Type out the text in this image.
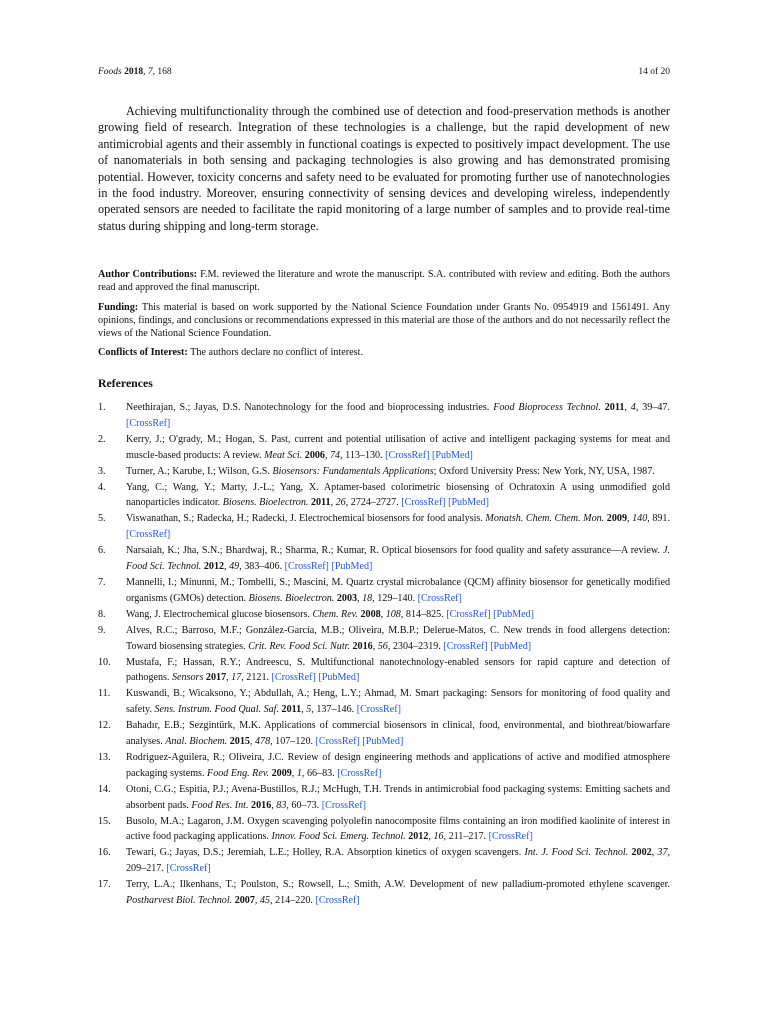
Foods 2018, 7, 168	14 of 20

Achieving multifunctionality through the combined use of detection and food-preservation methods is another growing field of research. Integration of these technologies is a challenge, but the rapid development of new antimicrobial agents and their assembly in functional coatings is expected to positively impact development. The use of nanomaterials in both sensing and packaging technologies is also growing and has demonstrated promising potential. However, toxicity concerns and safety need to be evaluated for promoting further use of nanotechnologies in the food industry. Moreover, ensuring connectivity of sensing devices and developing wireless, independently operated sensors are needed to facilitate the rapid monitoring of a large number of samples and to provide real-time status during shipping and long-term storage.

Author Contributions: F.M. reviewed the literature and wrote the manuscript. S.A. contributed with review and editing. Both the authors read and approved the final manuscript.

Funding: This material is based on work supported by the National Science Foundation under Grants No. 0954919 and 1561491. Any opinions, findings, and conclusions or recommendations expressed in this material are those of the authors and do not necessarily reflect the views of the National Science Foundation.

Conflicts of Interest: The authors declare no conflict of interest.

References
1. Neethirajan, S.; Jayas, D.S. Nanotechnology for the food and bioprocessing industries. Food Bioprocess Technol. 2011, 4, 39–47. [CrossRef]
2. Kerry, J.; O'grady, M.; Hogan, S. Past, current and potential utilisation of active and intelligent packaging systems for meat and muscle-based products: A review. Meat Sci. 2006, 74, 113–130. [CrossRef] [PubMed]
3. Turner, A.; Karube, I.; Wilson, G.S. Biosensors: Fundamentals Applications; Oxford University Press: New York, NY, USA, 1987.
4. Yang, C.; Wang, Y.; Marty, J.-L.; Yang, X. Aptamer-based colorimetric biosensing of Ochratoxin A using unmodified gold nanoparticles indicator. Biosens. Bioelectron. 2011, 26, 2724–2727. [CrossRef] [PubMed]
5. Viswanathan, S.; Radecka, H.; Radecki, J. Electrochemical biosensors for food analysis. Monatsh. Chem. Chem. Mon. 2009, 140, 891. [CrossRef]
6. Narsaiah, K.; Jha, S.N.; Bhardwaj, R.; Sharma, R.; Kumar, R. Optical biosensors for food quality and safety assurance—A review. J. Food Sci. Technol. 2012, 49, 383–406. [CrossRef] [PubMed]
7. Mannelli, I.; Minunni, M.; Tombelli, S.; Mascini, M. Quartz crystal microbalance (QCM) affinity biosensor for genetically modified organisms (GMOs) detection. Biosens. Bioelectron. 2003, 18, 129–140. [CrossRef]
8. Wang, J. Electrochemical glucose biosensors. Chem. Rev. 2008, 108, 814–825. [CrossRef] [PubMed]
9. Alves, R.C.; Barroso, M.F.; González-García, M.B.; Oliveira, M.B.P.; Delerue-Matos, C. New trends in food allergens detection: Toward biosensing strategies. Crit. Rev. Food Sci. Nutr. 2016, 56, 2304–2319. [CrossRef] [PubMed]
10. Mustafa, F.; Hassan, R.Y.; Andreescu, S. Multifunctional nanotechnology-enabled sensors for rapid capture and detection of pathogens. Sensors 2017, 17, 2121. [CrossRef] [PubMed]
11. Kuswandi, B.; Wicaksono, Y.; Abdullah, A.; Heng, L.Y.; Ahmad, M. Smart packaging: Sensors for monitoring of food quality and safety. Sens. Instrum. Food Qual. Saf. 2011, 5, 137–146. [CrossRef]
12. Bahadır, E.B.; Sezgintürk, M.K. Applications of commercial biosensors in clinical, food, environmental, and biothreat/biowarfare analyses. Anal. Biochem. 2015, 478, 107–120. [CrossRef] [PubMed]
13. Rodriguez-Aguilera, R.; Oliveira, J.C. Review of design engineering methods and applications of active and modified atmosphere packaging systems. Food Eng. Rev. 2009, 1, 66–83. [CrossRef]
14. Otoni, C.G.; Espitia, P.J.; Avena-Bustillos, R.J.; McHugh, T.H. Trends in antimicrobial food packaging systems: Emitting sachets and absorbent pads. Food Res. Int. 2016, 83, 60–73. [CrossRef]
15. Busolo, M.A.; Lagaron, J.M. Oxygen scavenging polyolefin nanocomposite films containing an iron modified kaolinite of interest in active food packaging applications. Innov. Food Sci. Emerg. Technol. 2012, 16, 211–217. [CrossRef]
16. Tewari, G.; Jayas, D.S.; Jeremiah, L.E.; Holley, R.A. Absorption kinetics of oxygen scavengers. Int. J. Food Sci. Technol. 2002, 37, 209–217. [CrossRef]
17. Terry, L.A.; Ilkenhans, T.; Poulston, S.; Rowsell, L.; Smith, A.W. Development of new palladium-promoted ethylene scavenger. Postharvest Biol. Technol. 2007, 45, 214–220. [CrossRef]
